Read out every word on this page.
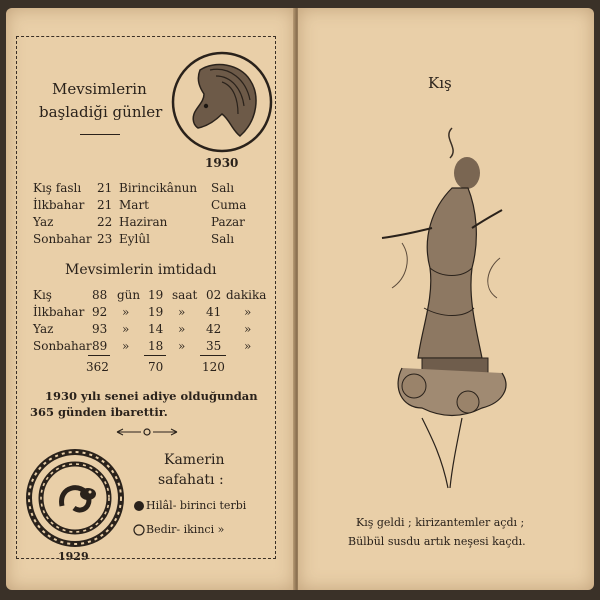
Mevsimlerin
başladiği günler
1930
Kış faslı 21 Birincikânun Salı
İlkbahar 21 Mart	Cuma
Yaz	22 Haziran	Pazar
Sonbahar 23 Eylûl	Salı
Mevsimlerin imtidadı
Kış	88 gün 19 saat 02 dakika
İlkbahar 92 » 19 » 41 »
Yaz	93 » 14 » 42 »
Sonbahar 89 » 18 » 35 »
362	70	120
1930 yılı senei adiye olduğundan
365 günden ibarettir.
1929
Kamerin
safahatı :
Hilâl- birinci terbi
Bedir- ikinci »
Kış
Kış geldi ; kirizantemler açdı ;
Bülbül susdu artık neşesi kaçdı.
